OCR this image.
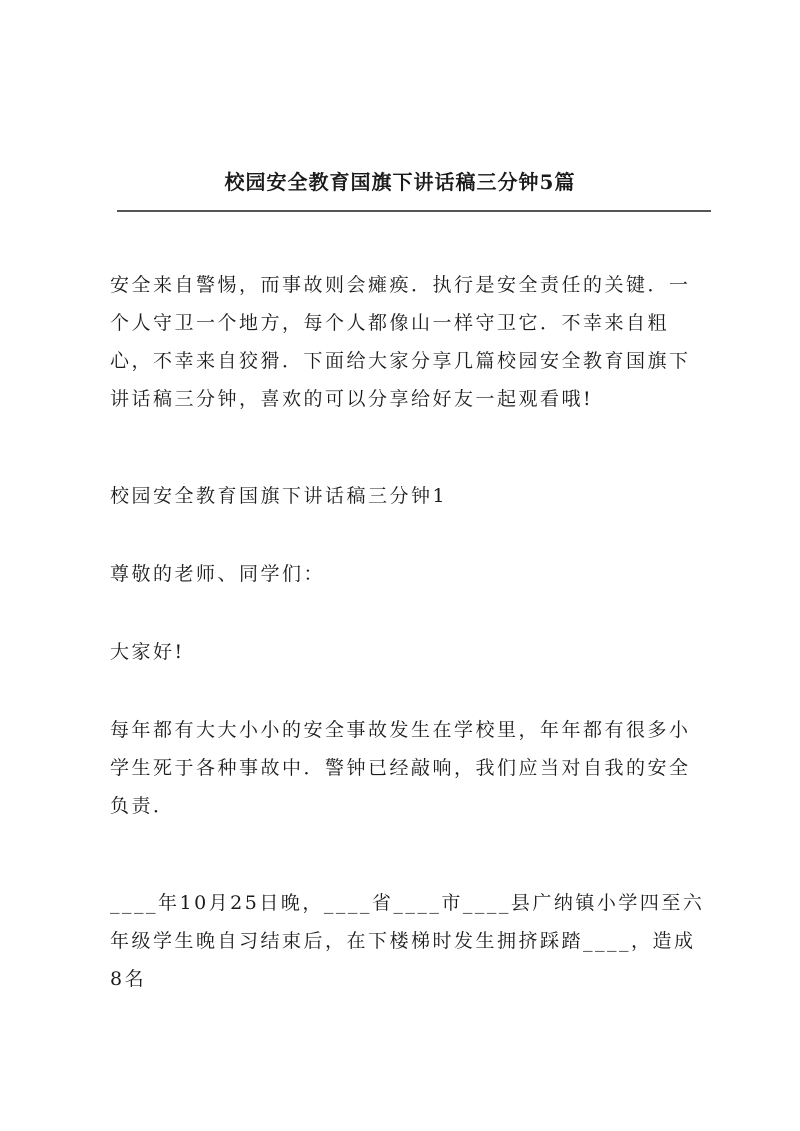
校园安全教育国旗下讲话稿三分钟5篇

安全来自警惕，而事故则会瘫痪．执行是安全责任的关键．一个人守卫一个地方，每个人都像山一样守卫它．不幸来自粗心，不幸来自狡猾．下面给大家分享几篇校园安全教育国旗下讲话稿三分钟，喜欢的可以分享给好友一起观看哦!

校园安全教育国旗下讲话稿三分钟1

尊敬的老师、同学们：

大家好!

每年都有大大小小的安全事故发生在学校里，年年都有很多小学生死于各种事故中．警钟已经敲响，我们应当对自我的安全负责．

____年10月25日晚，____省____市____县广纳镇小学四至六年级学生晚自习结束后，在下楼梯时发生拥挤踩踏____，造成8名
